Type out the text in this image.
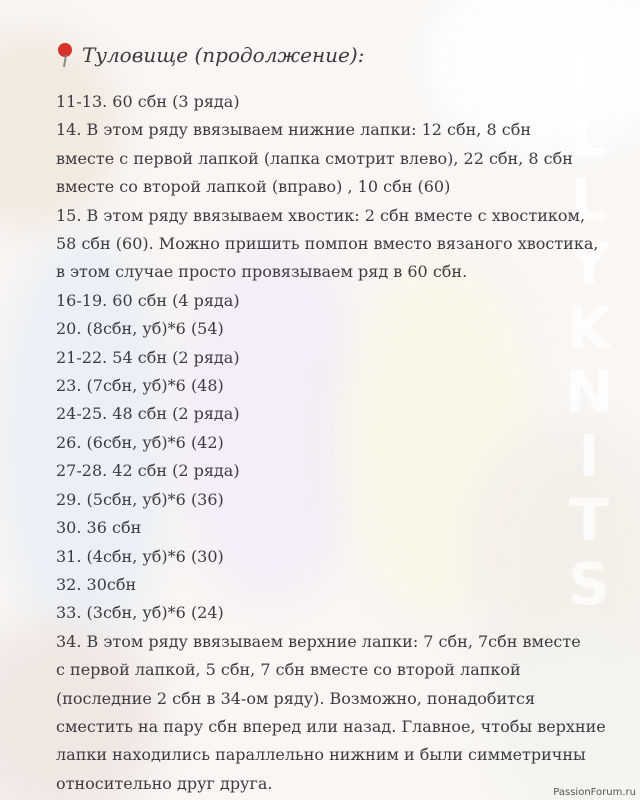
E
L
L
Y
K
N
I
T
S
Туловище (продолжение):
11-13. 60 сбн (3 ряда)
14. В этом ряду ввязываем нижние лапки: 12 сбн, 8 сбн
вместе с первой лапкой (лапка смотрит влево), 22 сбн, 8 сбн
вместе со второй лапкой (вправо) , 10 сбн (60)
15. В этом ряду ввязываем хвостик: 2 сбн вместе с хвостиком,
58 сбн (60). Можно пришить помпон вместо вязаного хвостика,
в этом случае просто провязываем ряд в 60 сбн.
16-19. 60 сбн (4 ряда)
20. (8сбн, уб)*6 (54)
21-22. 54 сбн (2 ряда)
23. (7сбн, уб)*6 (48)
24-25. 48 сбн (2 ряда)
26. (6сбн, уб)*6 (42)
27-28. 42 сбн (2 ряда)
29. (5сбн, уб)*6 (36)
30. 36 сбн
31. (4сбн, уб)*6 (30)
32. 30сбн
33. (3сбн, уб)*6 (24)
34. В этом ряду ввязываем верхние лапки: 7 сбн, 7сбн вместе
с первой лапкой, 5 сбн, 7 сбн вместе со второй лапкой
(последние 2 сбн в 34-ом ряду). Возможно, понадобится
сместить на пару сбн вперед или назад. Главное, чтобы верхние
лапки находились параллельно нижним и были симметричны
относительно друг друга.	PassionForum.ru
